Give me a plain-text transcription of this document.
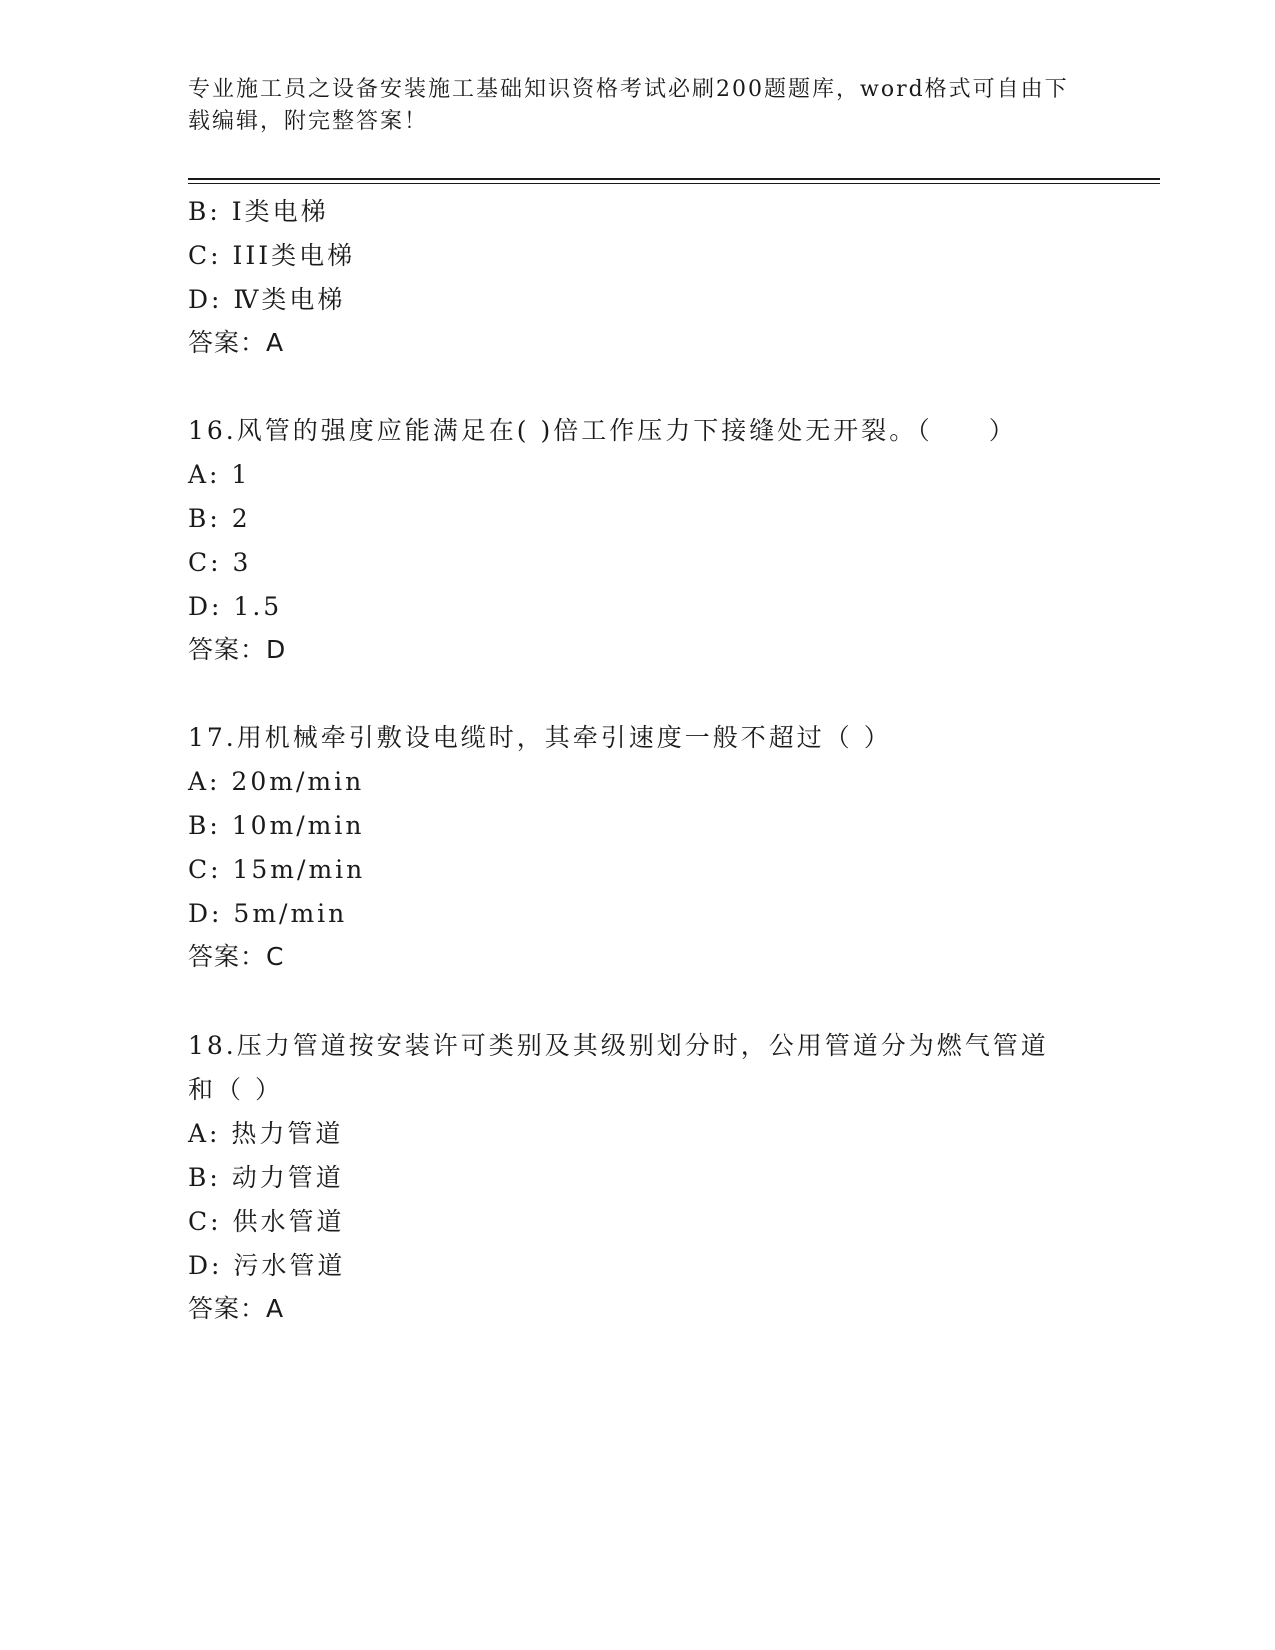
专业施工员之设备安装施工基础知识资格考试必刷200题题库，word格式可自由下载编辑，附完整答案！

B: I类电梯
C: III类电梯
D: Ⅳ类电梯
答案：A
16.风管的强度应能满足在( )倍工作压力下接缝处无开裂。（　　）
A: 1
B: 2
C: 3
D: 1.5
答案：D
17.用机械牵引敷设电缆时，其牵引速度一般不超过（ ）
A: 20m/min
B: 10m/min
C: 15m/min
D: 5m/min
答案：C
18.压力管道按安装许可类别及其级别划分时，公用管道分为燃气管道
和（ ）
A: 热力管道
B: 动力管道
C: 供水管道
D: 污水管道
答案：A
